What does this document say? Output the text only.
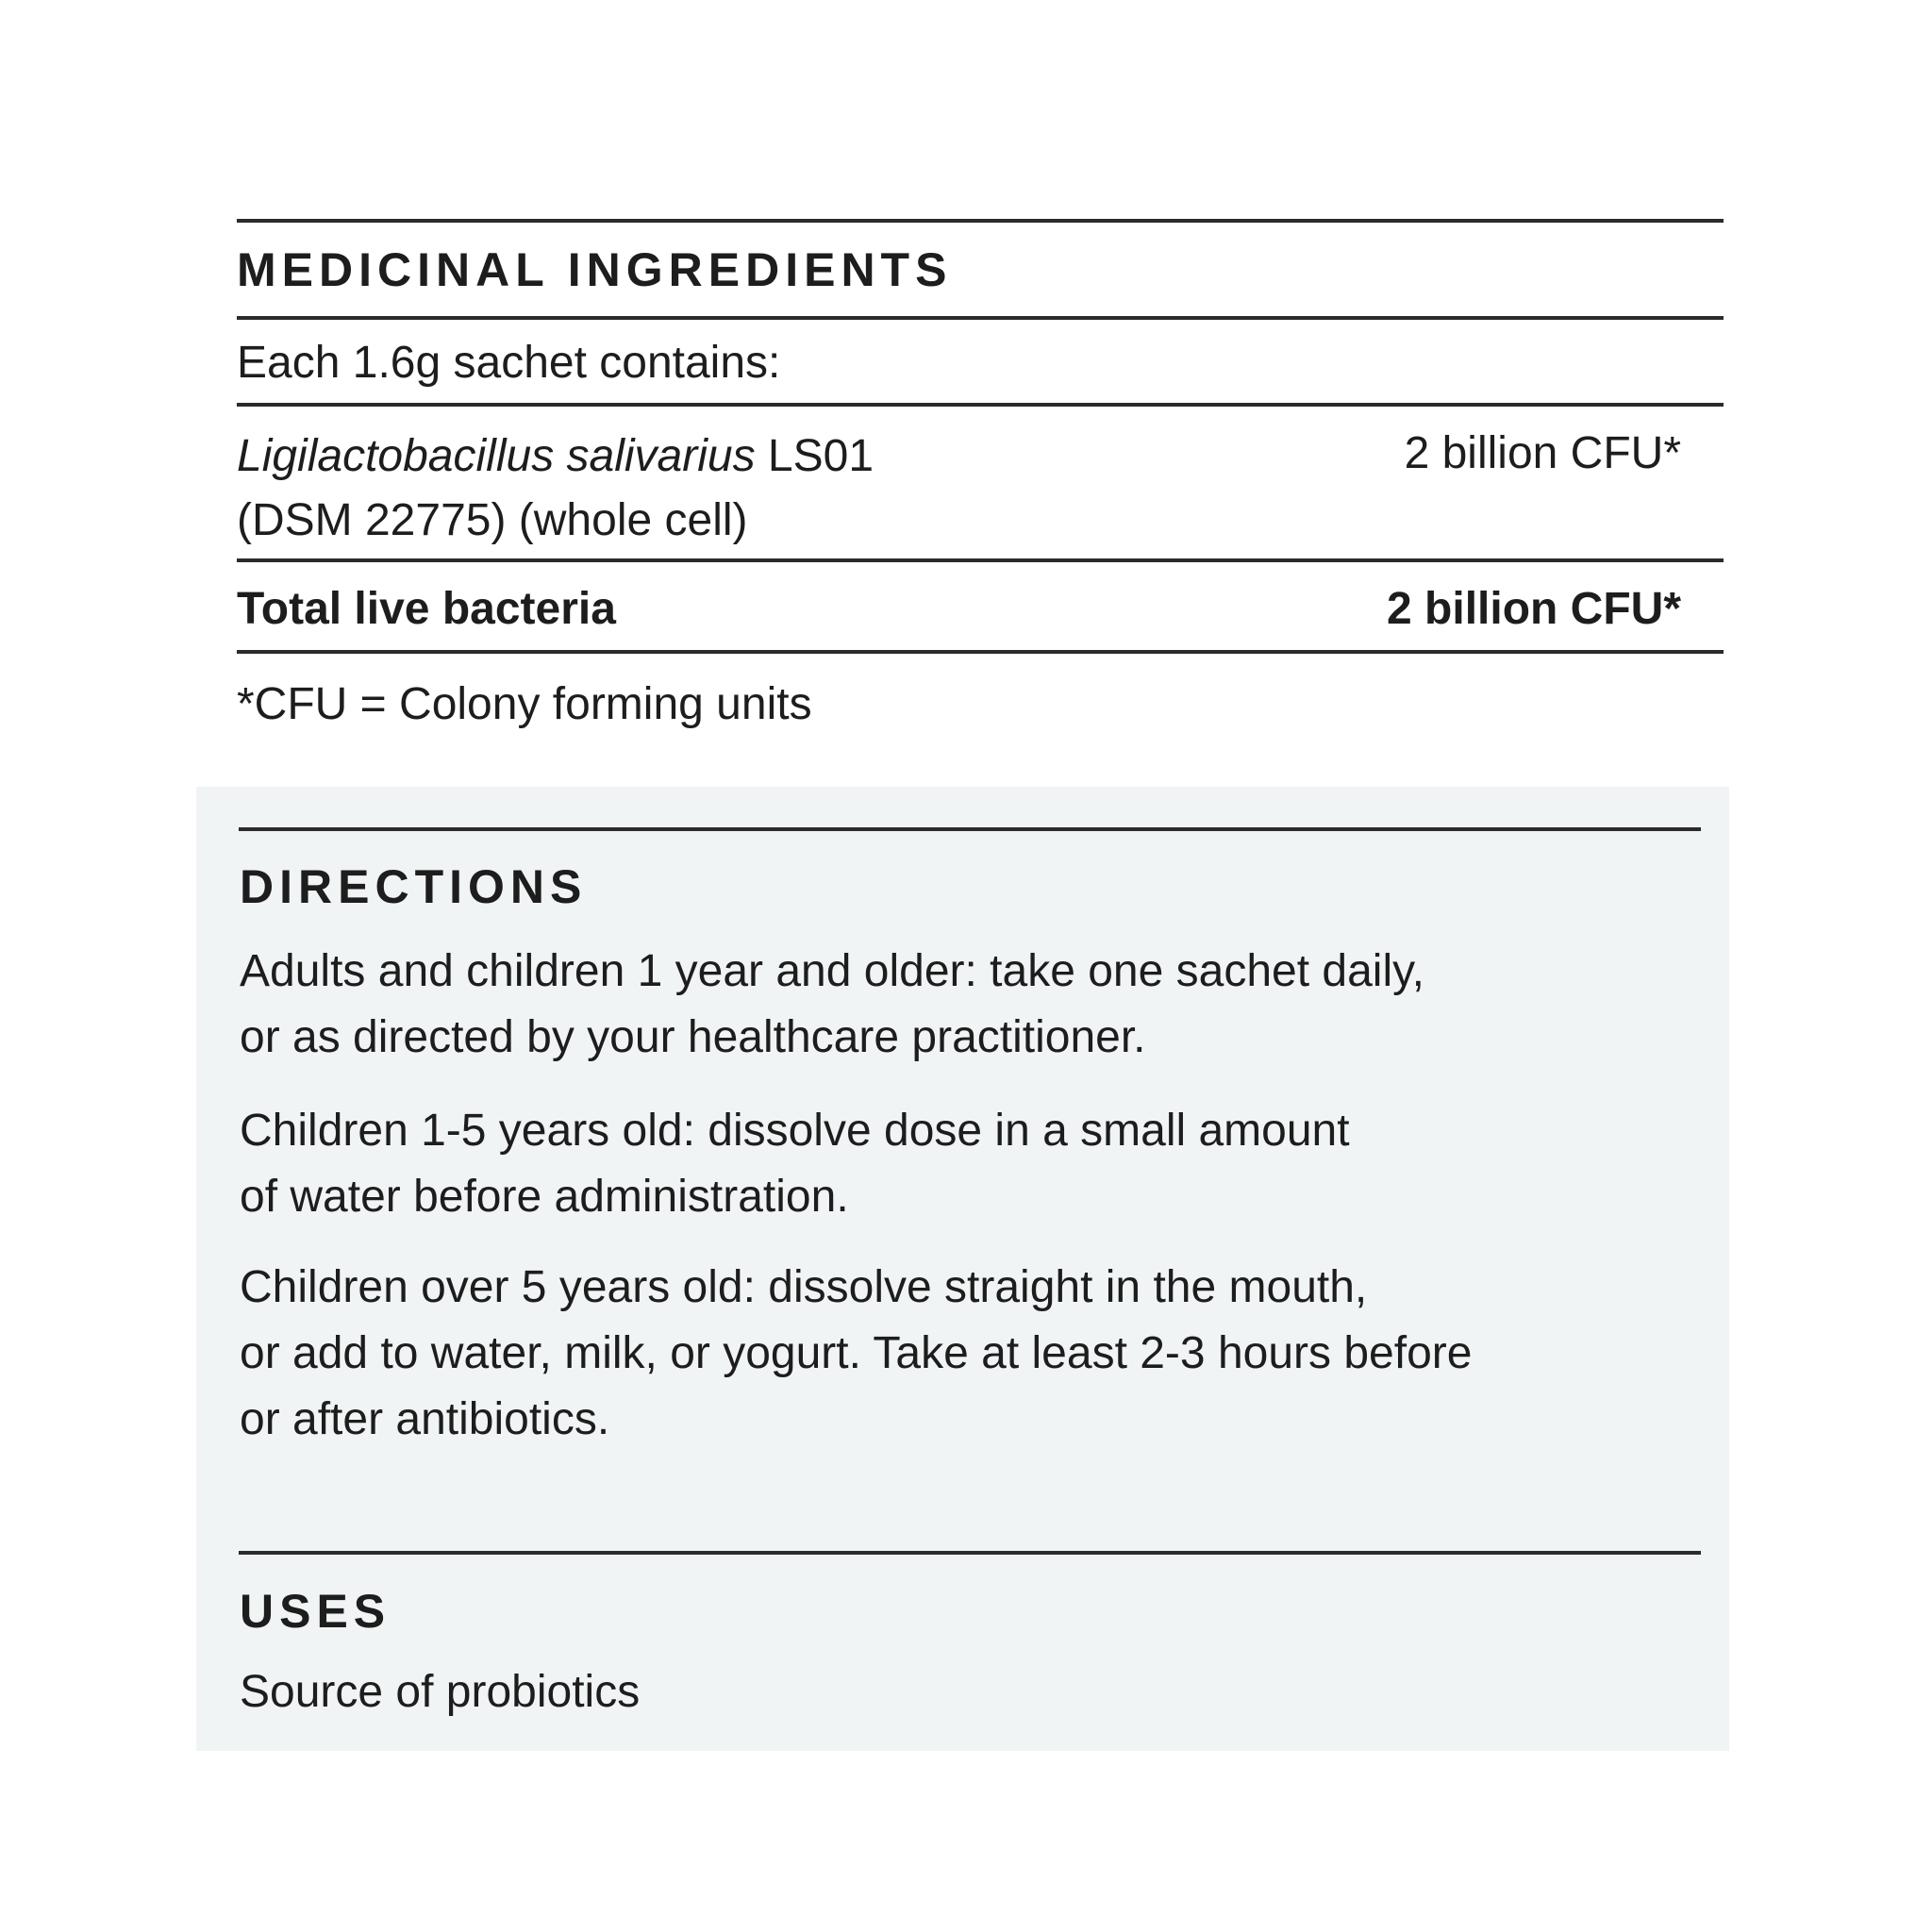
MEDICINAL INGREDIENTS
Each 1.6g sachet contains:
Ligilactobacillus salivarius LS01
(DSM 22775) (whole cell)
2 billion CFU*
Total live bacteria	2 billion CFU*
*CFU = Colony forming units
DIRECTIONS
Adults and children 1 year and older: take one sachet daily,
or as directed by your healthcare practitioner.
Children 1-5 years old: dissolve dose in a small amount
of water before administration.
Children over 5 years old: dissolve straight in the mouth,
or add to water, milk, or yogurt. Take at least 2-3 hours before
or after antibiotics.
USES
Source of probiotics
